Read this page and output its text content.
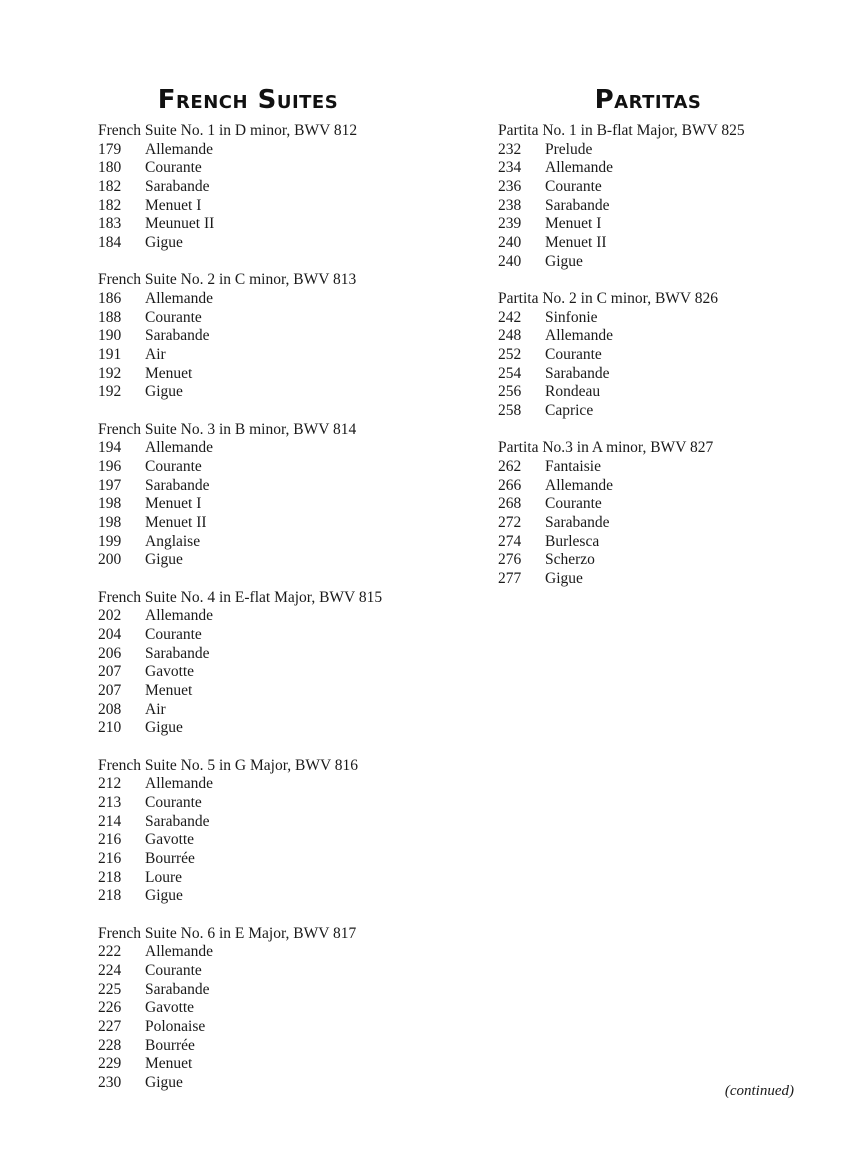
French Suites
French Suite No. 1 in D minor, BWV 812
179	Allemande
180	Courante
182	Sarabande
182	Menuet I
183	Meunuet II
184	Gigue
French Suite No. 2 in C minor, BWV 813
186	Allemande
188	Courante
190	Sarabande
191	Air
192	Menuet
192	Gigue
French Suite No. 3 in B minor, BWV 814
194	Allemande
196	Courante
197	Sarabande
198	Menuet I
198	Menuet II
199	Anglaise
200	Gigue
French Suite No. 4 in E-flat Major, BWV 815
202	Allemande
204	Courante
206	Sarabande
207	Gavotte
207	Menuet
208	Air
210	Gigue
French Suite No. 5 in G Major, BWV 816
212	Allemande
213	Courante
214	Sarabande
216	Gavotte
216	Bourrée
218	Loure
218	Gigue
French Suite No. 6 in E Major, BWV 817
222	Allemande
224	Courante
225	Sarabande
226	Gavotte
227	Polonaise
228	Bourrée
229	Menuet
230	Gigue
Partitas
Partita No. 1 in B-flat Major, BWV 825
232	Prelude
234	Allemande
236	Courante
238	Sarabande
239	Menuet I
240	Menuet II
240	Gigue
Partita No. 2 in C minor, BWV 826
242	Sinfonie
248	Allemande
252	Courante
254	Sarabande
256	Rondeau
258	Caprice
Partita No.3 in A minor, BWV 827
262	Fantaisie
266	Allemande
268	Courante
272	Sarabande
274	Burlesca
276	Scherzo
277	Gigue
(continued)
